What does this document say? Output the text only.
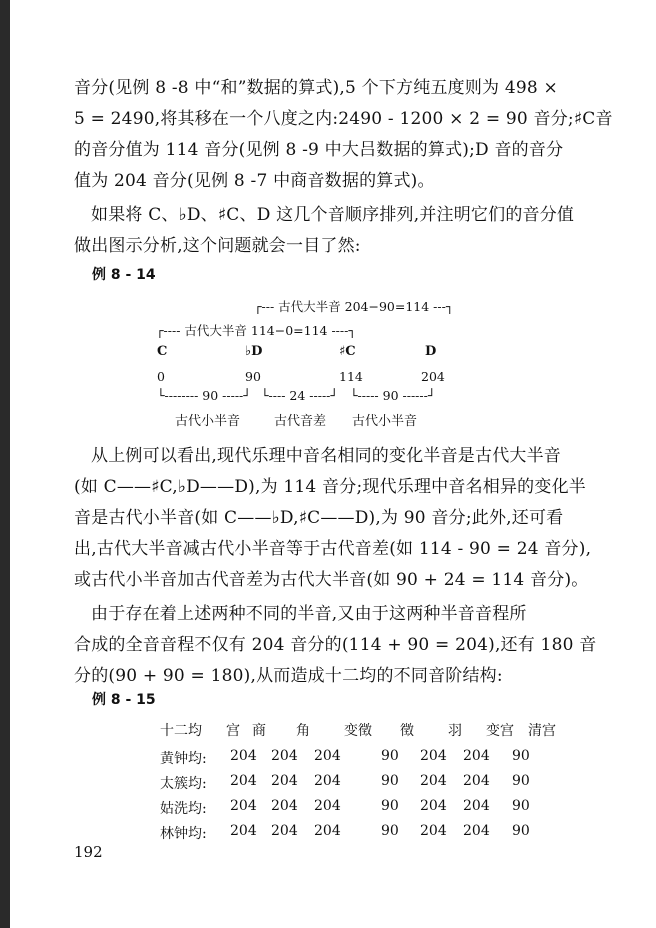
音分(见例 8 -8 中“和”数据的算式),5 个下方纯五度则为 498 ×
5 = 2490,将其移在一个八度之内:2490 - 1200 × 2 = 90 音分;♯C音
的音分值为 114 音分(见例 8 -9 中大吕数据的算式);D 音的音分
值为 204 音分(见例 8 -7 中商音数据的算式)。
如果将 C、♭D、♯C、D 这几个音顺序排列,并注明它们的音分值
做出图示分析,这个问题就会一目了然:
例 8 - 14
┌--- 古代大半音 204−90=114 ---┐
┌---- 古代大半音 114−0=114 ----┐
C	♭D	♯C	D
0	90	114	204
└-------- 90 -----┘ └---- 24 -----┘ └----- 90 ------┘
古代小半音	古代音差 古代小半音
从上例可以看出,现代乐理中音名相同的变化半音是古代大半音
(如 C——♯C,♭D——D),为 114 音分;现代乐理中音名相异的变化半
音是古代小半音(如 C——♭D,♯C——D),为 90 音分;此外,还可看
出,古代大半音减古代小半音等于古代音差(如 114 - 90 = 24 音分),
或古代小半音加古代音差为古代大半音(如 90 + 24 = 114 音分)。
由于存在着上述两种不同的半音,又由于这两种半音音程所
合成的全音音程不仅有 204 音分的(114 + 90 = 204),还有 180 音
分的(90 + 90 = 180),从而造成十二均的不同音阶结构:
例 8 - 15
十二均 宫 商 角 变徵 徵 羽 变宫 清宫
黄钟均: 204 204 204	90 204 204 90
太簇均: 204 204 204	90 204 204 90
姑洗均: 204 204 204	90 204 204 90
林钟均: 204 204 204	90 204 204 90
192
